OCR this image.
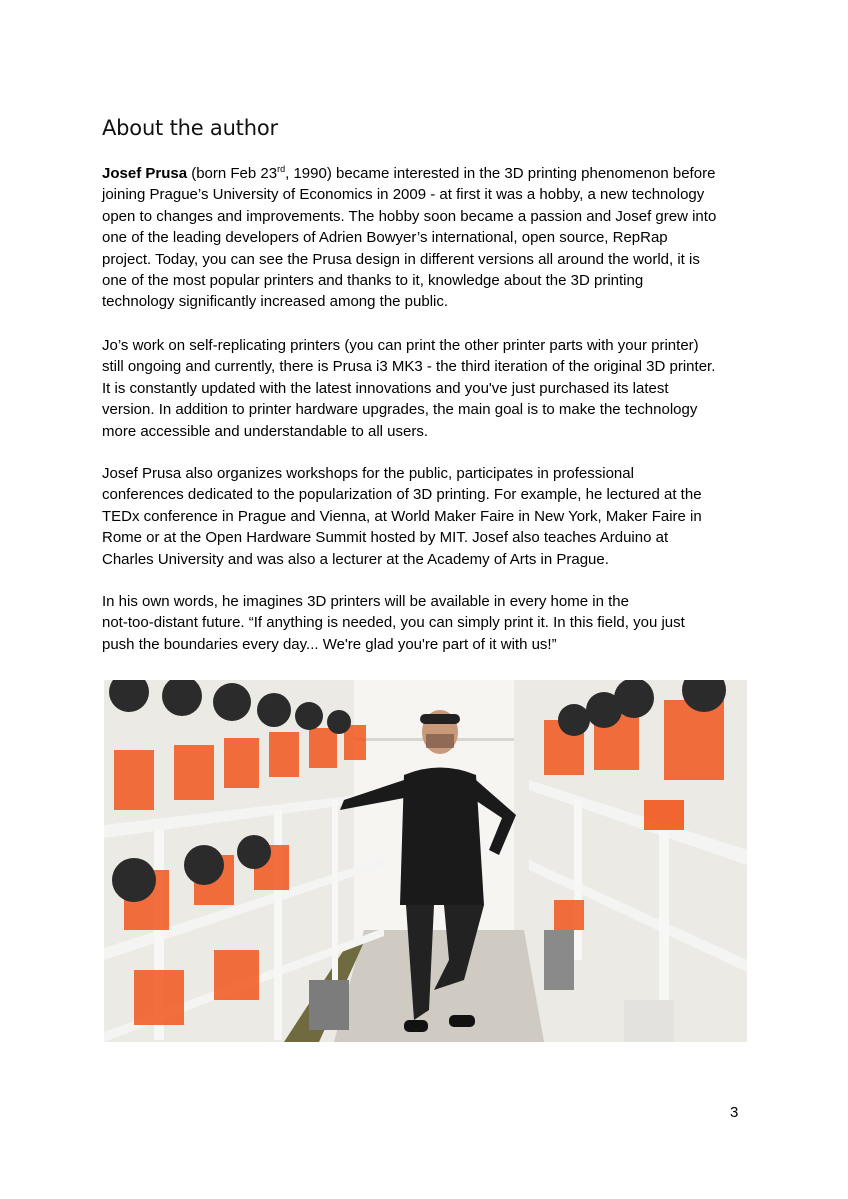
About the author
Josef Prusa (born Feb 23rd, 1990) became interested in the 3D printing phenomenon before
joining Prague’s University of Economics in 2009 - at first it was a hobby, a new technology
open to changes and improvements. The hobby soon became a passion and Josef grew into
one of the leading developers of Adrien Bowyer’s international, open source, RepRap
project. Today, you can see the Prusa design in different versions all around the world, it is
one of the most popular printers and thanks to it, knowledge about the 3D printing
technology significantly increased among the public.
Jo’s work on self-replicating printers (you can print the other printer parts with your printer)
still ongoing and currently, there is Prusa i3 MK3 - the third iteration of the original 3D printer.
It is constantly updated with the latest innovations and you've just purchased its latest
version. In addition to printer hardware upgrades, the main goal is to make the technology
more accessible and understandable to all users.
Josef Prusa also organizes workshops for the public, participates in professional
conferences dedicated to the popularization of 3D printing. For example, he lectured at the
TEDx conference in Prague and Vienna, at World Maker Faire in New York, Maker Faire in
Rome or at the Open Hardware Summit hosted by MIT. Josef also teaches Arduino at
Charles University and was also a lecturer at the Academy of Arts in Prague.
In his own words, he imagines 3D printers will be available in every home in the
not-too-distant future. “If anything is needed, you can simply print it. In this field, you just
push the boundaries every day... We're glad you're part of it with us!”
3
